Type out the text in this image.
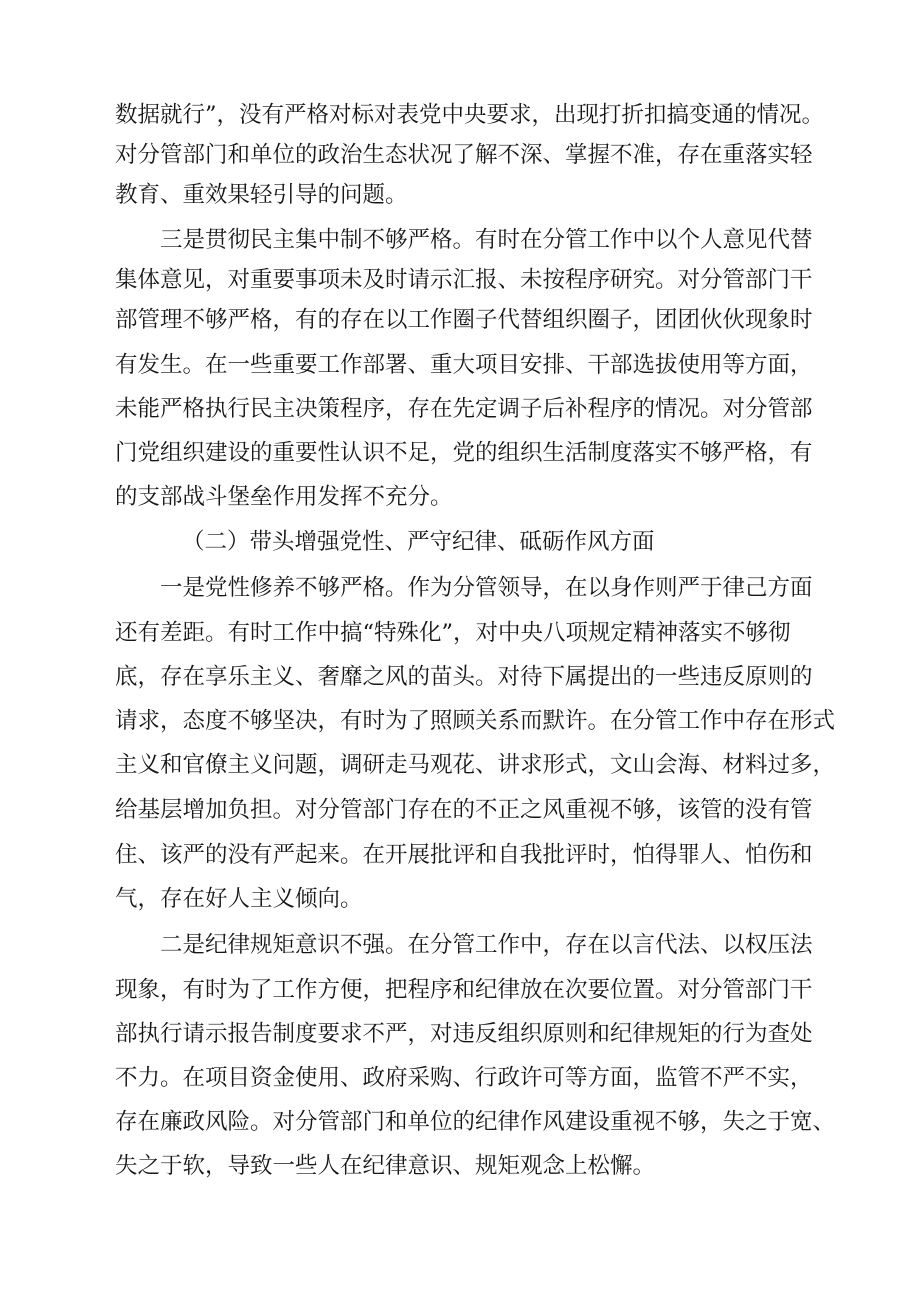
数据就行”，没有严格对标对表党中央要求，出现打折扣搞变通的情况。
对分管部门和单位的政治生态状况了解不深、掌握不准，存在重落实轻
教育、重效果轻引导的问题。
三是贯彻民主集中制不够严格。有时在分管工作中以个人意见代替
集体意见，对重要事项未及时请示汇报、未按程序研究。对分管部门干
部管理不够严格，有的存在以工作圈子代替组织圈子，团团伙伙现象时
有发生。在一些重要工作部署、重大项目安排、干部选拔使用等方面，
未能严格执行民主决策程序，存在先定调子后补程序的情况。对分管部
门党组织建设的重要性认识不足，党的组织生活制度落实不够严格，有
的支部战斗堡垒作用发挥不充分。
（二）带头增强党性、严守纪律、砥砺作风方面
一是党性修养不够严格。作为分管领导，在以身作则严于律己方面
还有差距。有时工作中搞“特殊化”，对中央八项规定精神落实不够彻
底，存在享乐主义、奢靡之风的苗头。对待下属提出的一些违反原则的
请求，态度不够坚决，有时为了照顾关系而默许。在分管工作中存在形式
主义和官僚主义问题，调研走马观花、讲求形式，文山会海、材料过多，
给基层增加负担。对分管部门存在的不正之风重视不够，该管的没有管
住、该严的没有严起来。在开展批评和自我批评时，怕得罪人、怕伤和
气，存在好人主义倾向。
二是纪律规矩意识不强。在分管工作中，存在以言代法、以权压法
现象，有时为了工作方便，把程序和纪律放在次要位置。对分管部门干
部执行请示报告制度要求不严，对违反组织原则和纪律规矩的行为查处
不力。在项目资金使用、政府采购、行政许可等方面，监管不严不实，
存在廉政风险。对分管部门和单位的纪律作风建设重视不够，失之于宽、
失之于软，导致一些人在纪律意识、规矩观念上松懈。
